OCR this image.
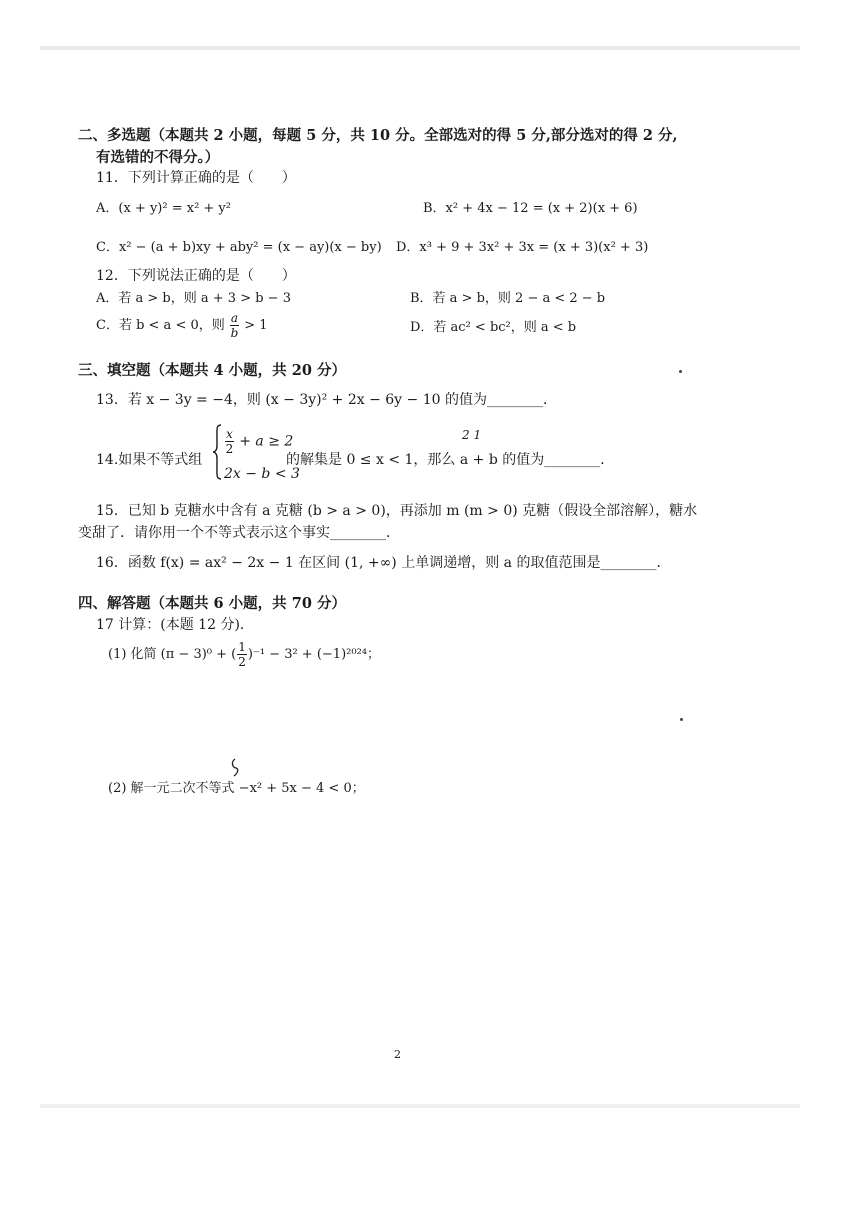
二、多选题（本题共 2 小题，每题 5 分，共 10 分。全部选对的得 5 分,部分选对的得 2 分,
有选错的不得分。）
11．下列计算正确的是（　　）
A．(x + y)² = x² + y²	B．x² + 4x − 12 = (x + 2)(x + 6)
C．x² − (a + b)xy + aby² = (x − ay)(x − by) D．x³ + 9 + 3x² + 3x = (x + 3)(x² + 3)
12．下列说法正确的是（　　）
A．若 a > b，则 a + 3 > b − 3	B．若 a > b，则 2 − a < 2 − b
C．若 b < a < 0，则 $\frac{a}{b} > 1$	D．若 ac² < bc²，则 a < b
三、填空题（本题共 4 小题，共 20 分）
13．若 x − 3y = −4，则 (x − 3y)² + 2x − 6y − 10 的值为________．
14.如果不等式组
$\frac{x}{2} + a \ge 2$
2x − b < 3
的解集是 0 ≤ x < 1，那么 a + b 的值为________．
2 1
15．已知 b 克糖水中含有 a 克糖 (b > a > 0)，再添加 m (m > 0) 克糖（假设全部溶解），糖水
变甜了．请你用一个不等式表示这个事实________．
16．函数 f(x) = ax² − 2x − 1 在区间 (1, +∞) 上单调递增，则 a 的取值范围是________．
四、解答题（本题共 6 小题，共 70 分）
17 计算：(本题 12 分)．
(1) 化简 (π − 3)⁰ + ( $\frac{1}{2} )^{-1} - 3^2 + (-1)^{2024}$；
(2) 解一元二次不等式 −x² + 5x − 4 < 0；
2
